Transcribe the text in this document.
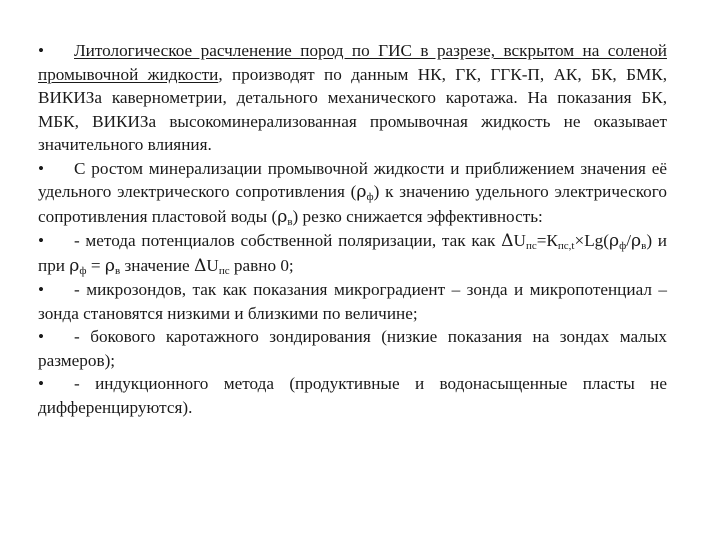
• Литологическое расчленение пород по ГИС в разрезе, вскрытом на соленой промывочной жидкости, производят по данным НК, ГК, ГГК-П, АК, БК, БМК, ВИКИЗа кавернометрии, детального механического каротажа. На показания БК, МБК, ВИКИЗа высокоминерализованная промывочная жидкость не оказывает значительного влияния.

• С ростом минерализации промывочной жидкости и приближением значения её удельного электрического сопротивления $(\rho_ф)$ к значению удельного электрического сопротивления пластовой воды $(\rho_в)$ резко снижается эффективность:

• - метода потенциалов собственной поляризации, так как $\Delta U_{пс}=К_{пс,t}\times Lg(\rho_ф/\rho_в)$ и при $\rho_ф = \rho_в$ значение $\Delta U_{пс}$ равно 0;

• - микрозондов, так как показания микроградиент – зонда и микропотенциал – зонда становятся низкими и близкими по величине;

• - бокового каротажного зондирования (низкие показания на зондах малых размеров);

• - индукционного метода (продуктивные и водонасыщенные пласты не дифференцируются).
